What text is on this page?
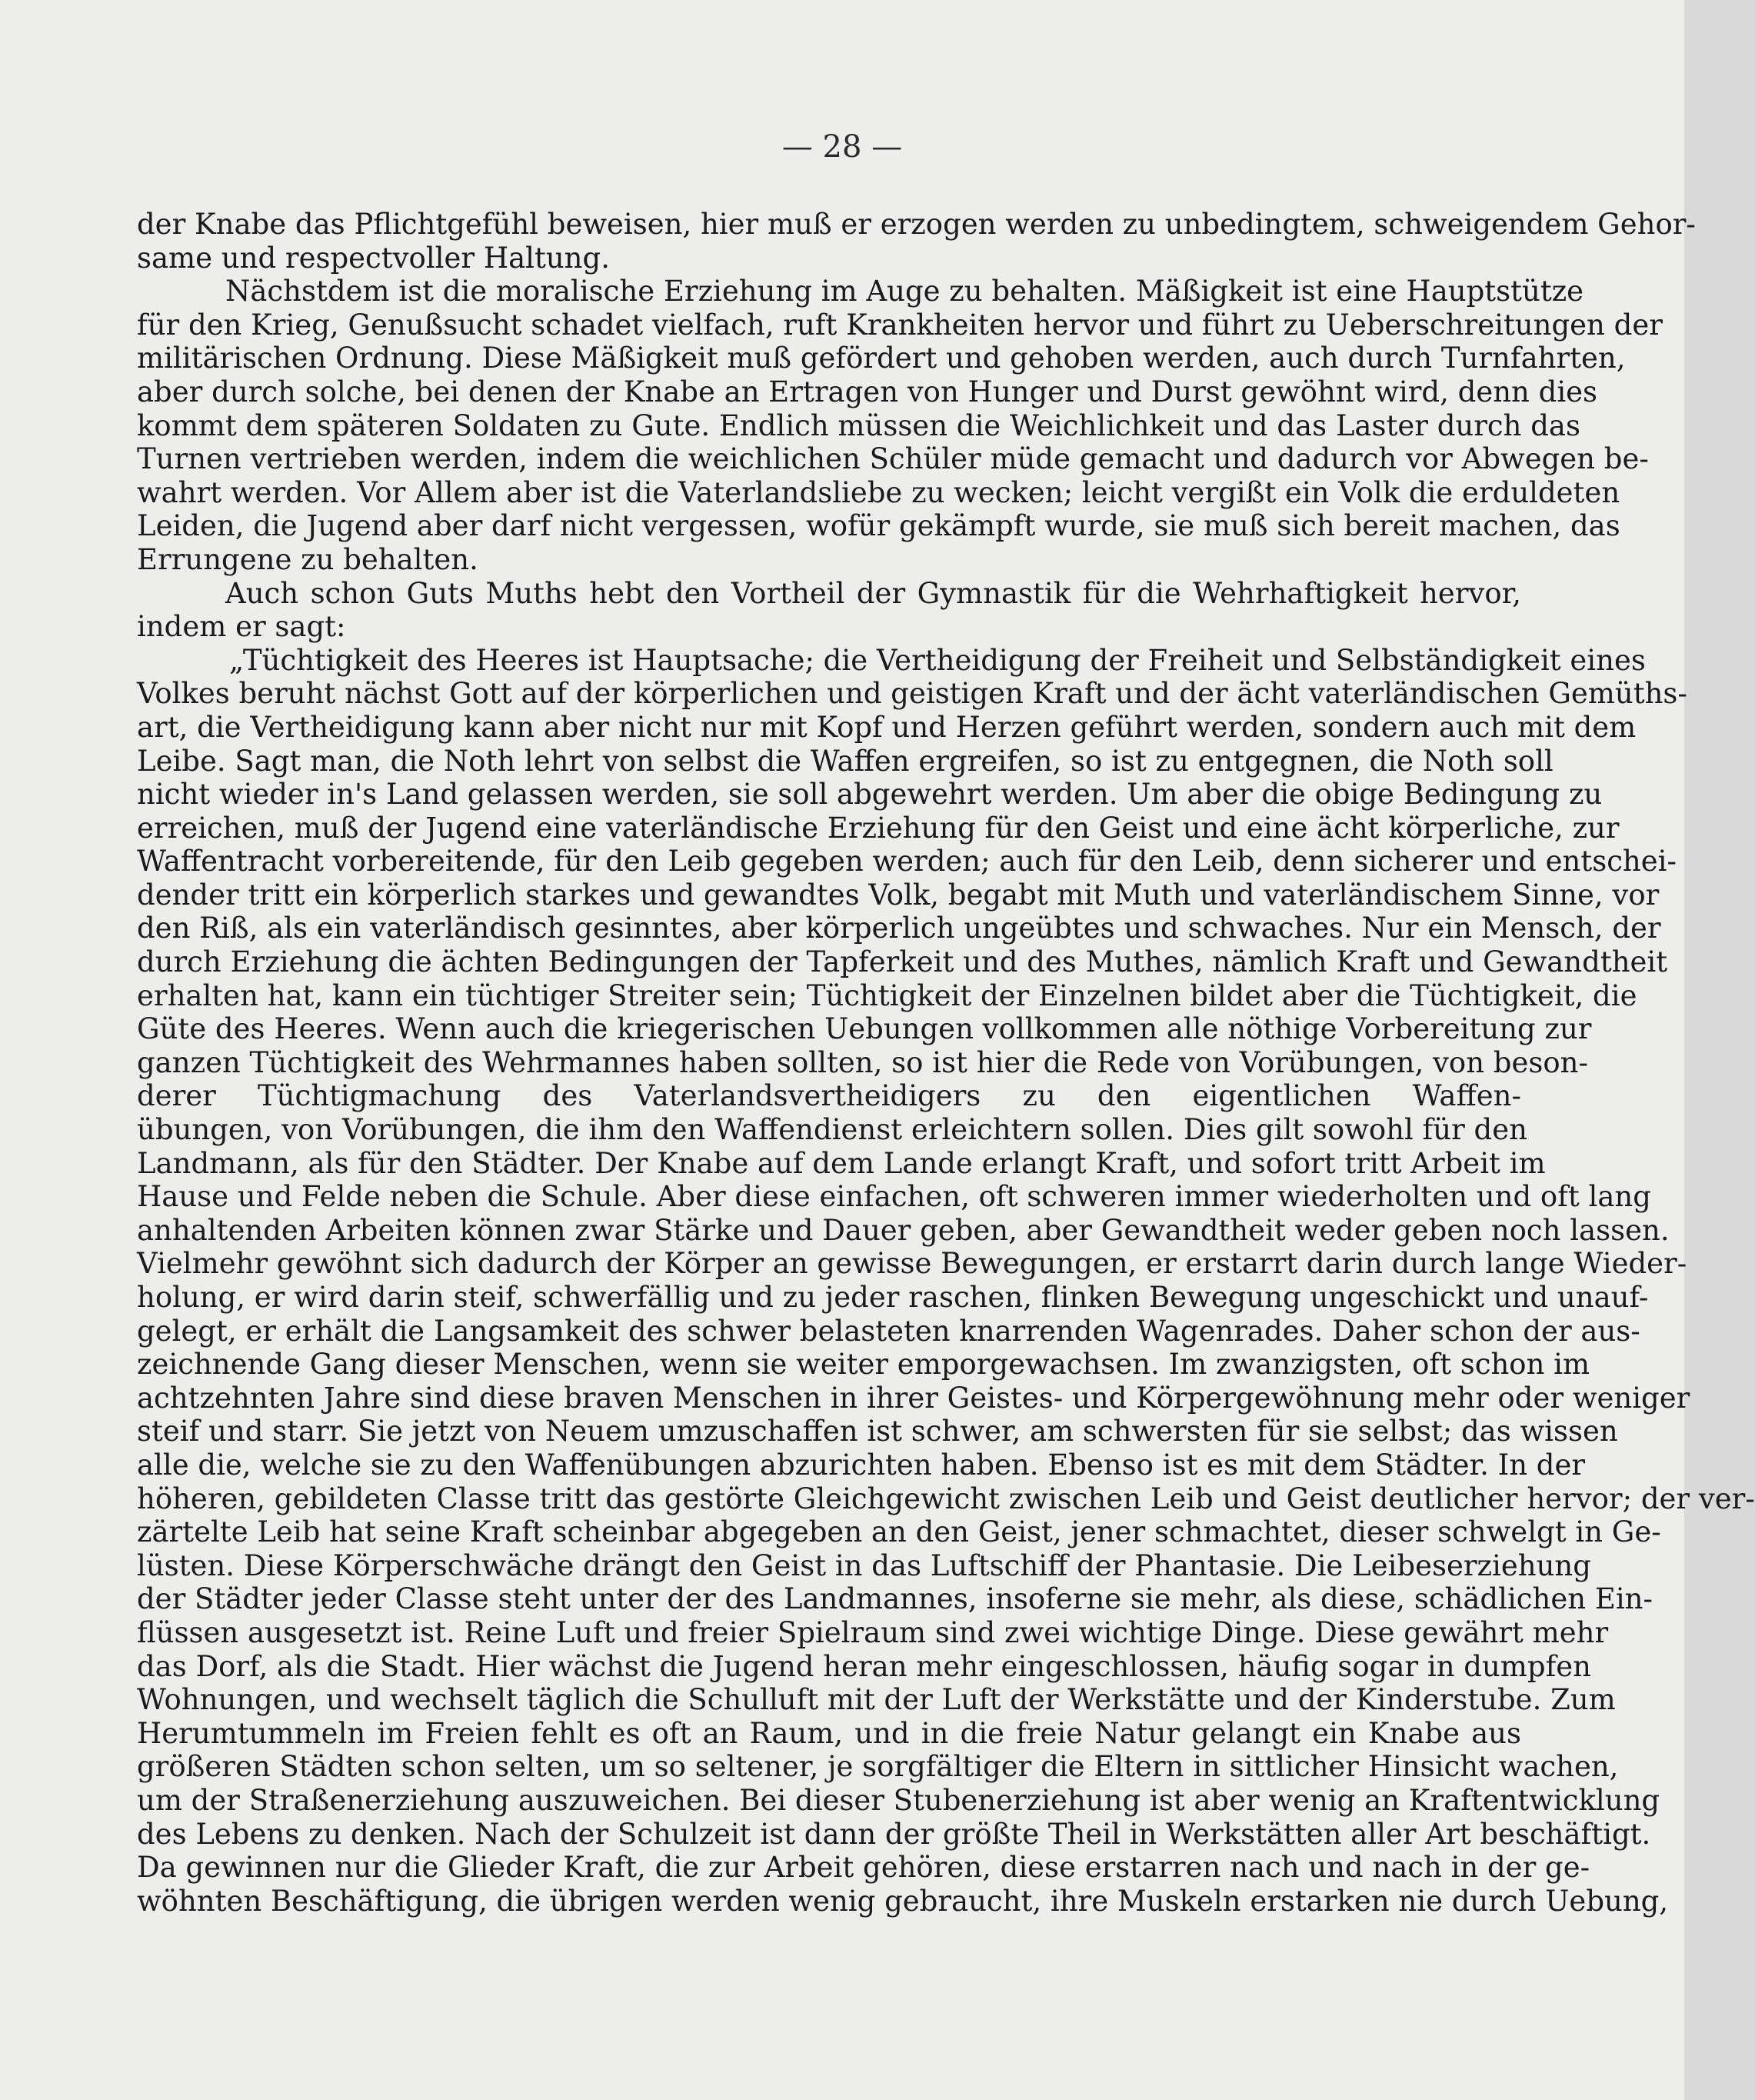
— 28 —
der Knabe das Pflichtgefühl beweisen, hier muß er erzogen werden zu unbedingtem, schweigendem Gehor-
same und respectvoller Haltung.
Nächstdem ist die moralische Erziehung im Auge zu behalten. Mäßigkeit ist eine Hauptstütze
für den Krieg, Genußsucht schadet vielfach, ruft Krankheiten hervor und führt zu Ueberschreitungen der
militärischen Ordnung. Diese Mäßigkeit muß gefördert und gehoben werden, auch durch Turnfahrten,
aber durch solche, bei denen der Knabe an Ertragen von Hunger und Durst gewöhnt wird, denn dies
kommt dem späteren Soldaten zu Gute. Endlich müssen die Weichlichkeit und das Laster durch das
Turnen vertrieben werden, indem die weichlichen Schüler müde gemacht und dadurch vor Abwegen be-
wahrt werden. Vor Allem aber ist die Vaterlandsliebe zu wecken; leicht vergißt ein Volk die erduldeten
Leiden, die Jugend aber darf nicht vergessen, wofür gekämpft wurde, sie muß sich bereit machen, das
Errungene zu behalten.
Auch schon Guts Muths hebt den Vortheil der Gymnastik für die Wehrhaftigkeit hervor,
indem er sagt:
„Tüchtigkeit des Heeres ist Hauptsache; die Vertheidigung der Freiheit und Selbständigkeit eines
Volkes beruht nächst Gott auf der körperlichen und geistigen Kraft und der ächt vaterländischen Gemüths-
art, die Vertheidigung kann aber nicht nur mit Kopf und Herzen geführt werden, sondern auch mit dem
Leibe. Sagt man, die Noth lehrt von selbst die Waffen ergreifen, so ist zu entgegnen, die Noth soll
nicht wieder in's Land gelassen werden, sie soll abgewehrt werden. Um aber die obige Bedingung zu
erreichen, muß der Jugend eine vaterländische Erziehung für den Geist und eine ächt körperliche, zur
Waffentracht vorbereitende, für den Leib gegeben werden; auch für den Leib, denn sicherer und entschei-
dender tritt ein körperlich starkes und gewandtes Volk, begabt mit Muth und vaterländischem Sinne, vor
den Riß, als ein vaterländisch gesinntes, aber körperlich ungeübtes und schwaches. Nur ein Mensch, der
durch Erziehung die ächten Bedingungen der Tapferkeit und des Muthes, nämlich Kraft und Gewandtheit
erhalten hat, kann ein tüchtiger Streiter sein; Tüchtigkeit der Einzelnen bildet aber die Tüchtigkeit, die
Güte des Heeres. Wenn auch die kriegerischen Uebungen vollkommen alle nöthige Vorbereitung zur
ganzen Tüchtigkeit des Wehrmannes haben sollten, so ist hier die Rede von Vorübungen, von beson-
derer Tüchtigmachung des Vaterlandsvertheidigers zu den eigentlichen Waffen-
übungen, von Vorübungen, die ihm den Waffendienst erleichtern sollen. Dies gilt sowohl für den
Landmann, als für den Städter. Der Knabe auf dem Lande erlangt Kraft, und sofort tritt Arbeit im
Hause und Felde neben die Schule. Aber diese einfachen, oft schweren immer wiederholten und oft lang
anhaltenden Arbeiten können zwar Stärke und Dauer geben, aber Gewandtheit weder geben noch lassen.
Vielmehr gewöhnt sich dadurch der Körper an gewisse Bewegungen, er erstarrt darin durch lange Wieder-
holung, er wird darin steif, schwerfällig und zu jeder raschen, flinken Bewegung ungeschickt und unauf-
gelegt, er erhält die Langsamkeit des schwer belasteten knarrenden Wagenrades. Daher schon der aus-
zeichnende Gang dieser Menschen, wenn sie weiter emporgewachsen. Im zwanzigsten, oft schon im
achtzehnten Jahre sind diese braven Menschen in ihrer Geistes- und Körpergewöhnung mehr oder weniger
steif und starr. Sie jetzt von Neuem umzuschaffen ist schwer, am schwersten für sie selbst; das wissen
alle die, welche sie zu den Waffenübungen abzurichten haben. Ebenso ist es mit dem Städter. In der
höheren, gebildeten Classe tritt das gestörte Gleichgewicht zwischen Leib und Geist deutlicher hervor; der ver-
zärtelte Leib hat seine Kraft scheinbar abgegeben an den Geist, jener schmachtet, dieser schwelgt in Ge-
lüsten. Diese Körperschwäche drängt den Geist in das Luftschiff der Phantasie. Die Leibeserziehung
der Städter jeder Classe steht unter der des Landmannes, insoferne sie mehr, als diese, schädlichen Ein-
flüssen ausgesetzt ist. Reine Luft und freier Spielraum sind zwei wichtige Dinge. Diese gewährt mehr
das Dorf, als die Stadt. Hier wächst die Jugend heran mehr eingeschlossen, häufig sogar in dumpfen
Wohnungen, und wechselt täglich die Schulluft mit der Luft der Werkstätte und der Kinderstube. Zum
Herumtummeln im Freien fehlt es oft an Raum, und in die freie Natur gelangt ein Knabe aus
größeren Städten schon selten, um so seltener, je sorgfältiger die Eltern in sittlicher Hinsicht wachen,
um der Straßenerziehung auszuweichen. Bei dieser Stubenerziehung ist aber wenig an Kraftentwicklung
des Lebens zu denken. Nach der Schulzeit ist dann der größte Theil in Werkstätten aller Art beschäftigt.
Da gewinnen nur die Glieder Kraft, die zur Arbeit gehören, diese erstarren nach und nach in der ge-
wöhnten Beschäftigung, die übrigen werden wenig gebraucht, ihre Muskeln erstarken nie durch Uebung,
